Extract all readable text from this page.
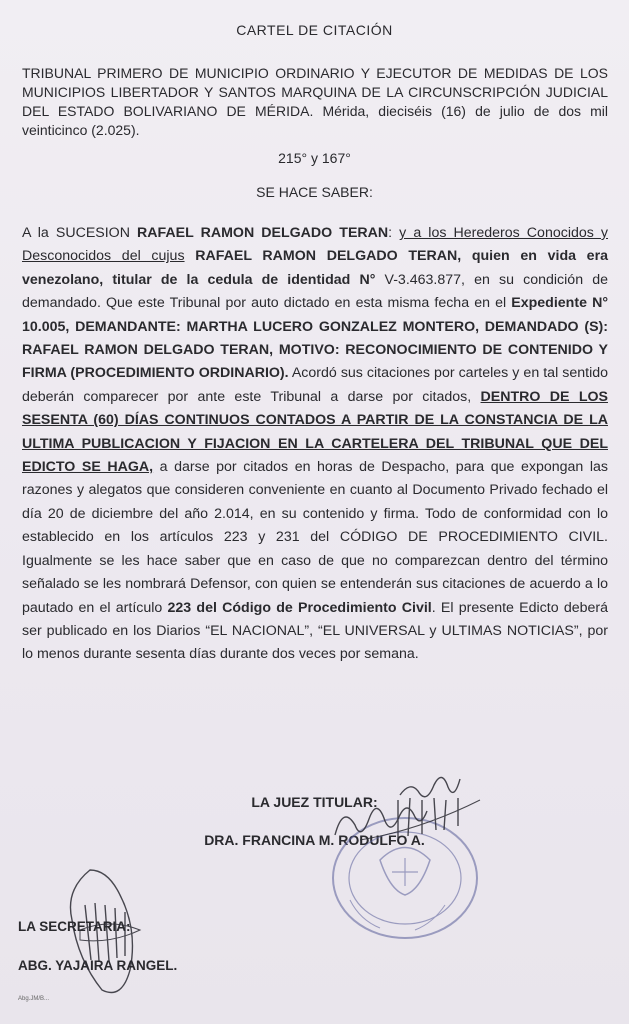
CARTEL DE CITACIÓN
TRIBUNAL PRIMERO DE MUNICIPIO ORDINARIO Y EJECUTOR DE MEDIDAS DE LOS MUNICIPIOS LIBERTADOR Y SANTOS MARQUINA DE LA CIRCUNSCRIPCIÓN JUDICIAL DEL ESTADO BOLIVARIANO DE MÉRIDA. Mérida, dieciséis (16) de julio de dos mil veinticinco (2.025).
215° y 167°
SE HACE SABER:
A la SUCESION RAFAEL RAMON DELGADO TERAN: y a los Herederos Conocidos y Desconocidos del cujus RAFAEL RAMON DELGADO TERAN, quien en vida era venezolano, titular de la cedula de identidad N° V-3.463.877, en su condición de demandado. Que este Tribunal por auto dictado en esta misma fecha en el Expediente N° 10.005, DEMANDANTE: MARTHA LUCERO GONZALEZ MONTERO, DEMANDADO (S): RAFAEL RAMON DELGADO TERAN, MOTIVO: RECONOCIMIENTO DE CONTENIDO Y FIRMA (PROCEDIMIENTO ORDINARIO). Acordó sus citaciones por carteles y en tal sentido deberán comparecer por ante este Tribunal a darse por citados, DENTRO DE LOS SESENTA (60) DÍAS CONTINUOS CONTADOS A PARTIR DE LA CONSTANCIA DE LA ULTIMA PUBLICACION Y FIJACION EN LA CARTELERA DEL TRIBUNAL QUE DEL EDICTO SE HAGA, a darse por citados en horas de Despacho, para que expongan las razones y alegatos que consideren conveniente en cuanto al Documento Privado fechado el día 20 de diciembre del año 2.014, en su contenido y firma. Todo de conformidad con lo establecido en los artículos 223 y 231 del CÓDIGO DE PROCEDIMIENTO CIVIL. Igualmente se les hace saber que en caso de que no comparezcan dentro del término señalado se les nombrará Defensor, con quien se entenderán sus citaciones de acuerdo a lo pautado en el artículo 223 del Código de Procedimiento Civil. El presente Edicto deberá ser publicado en los Diarios “EL NACIONAL”, “EL UNIVERSAL y ULTIMAS NOTICIAS”, por lo menos durante sesenta días durante dos veces por semana.
LA JUEZ TITULAR:
DRA. FRANCINA M. RODULFO A.
LA SECRETARIA:
ABG. YAJAIRA RANGEL.
Abg.JM/B...
